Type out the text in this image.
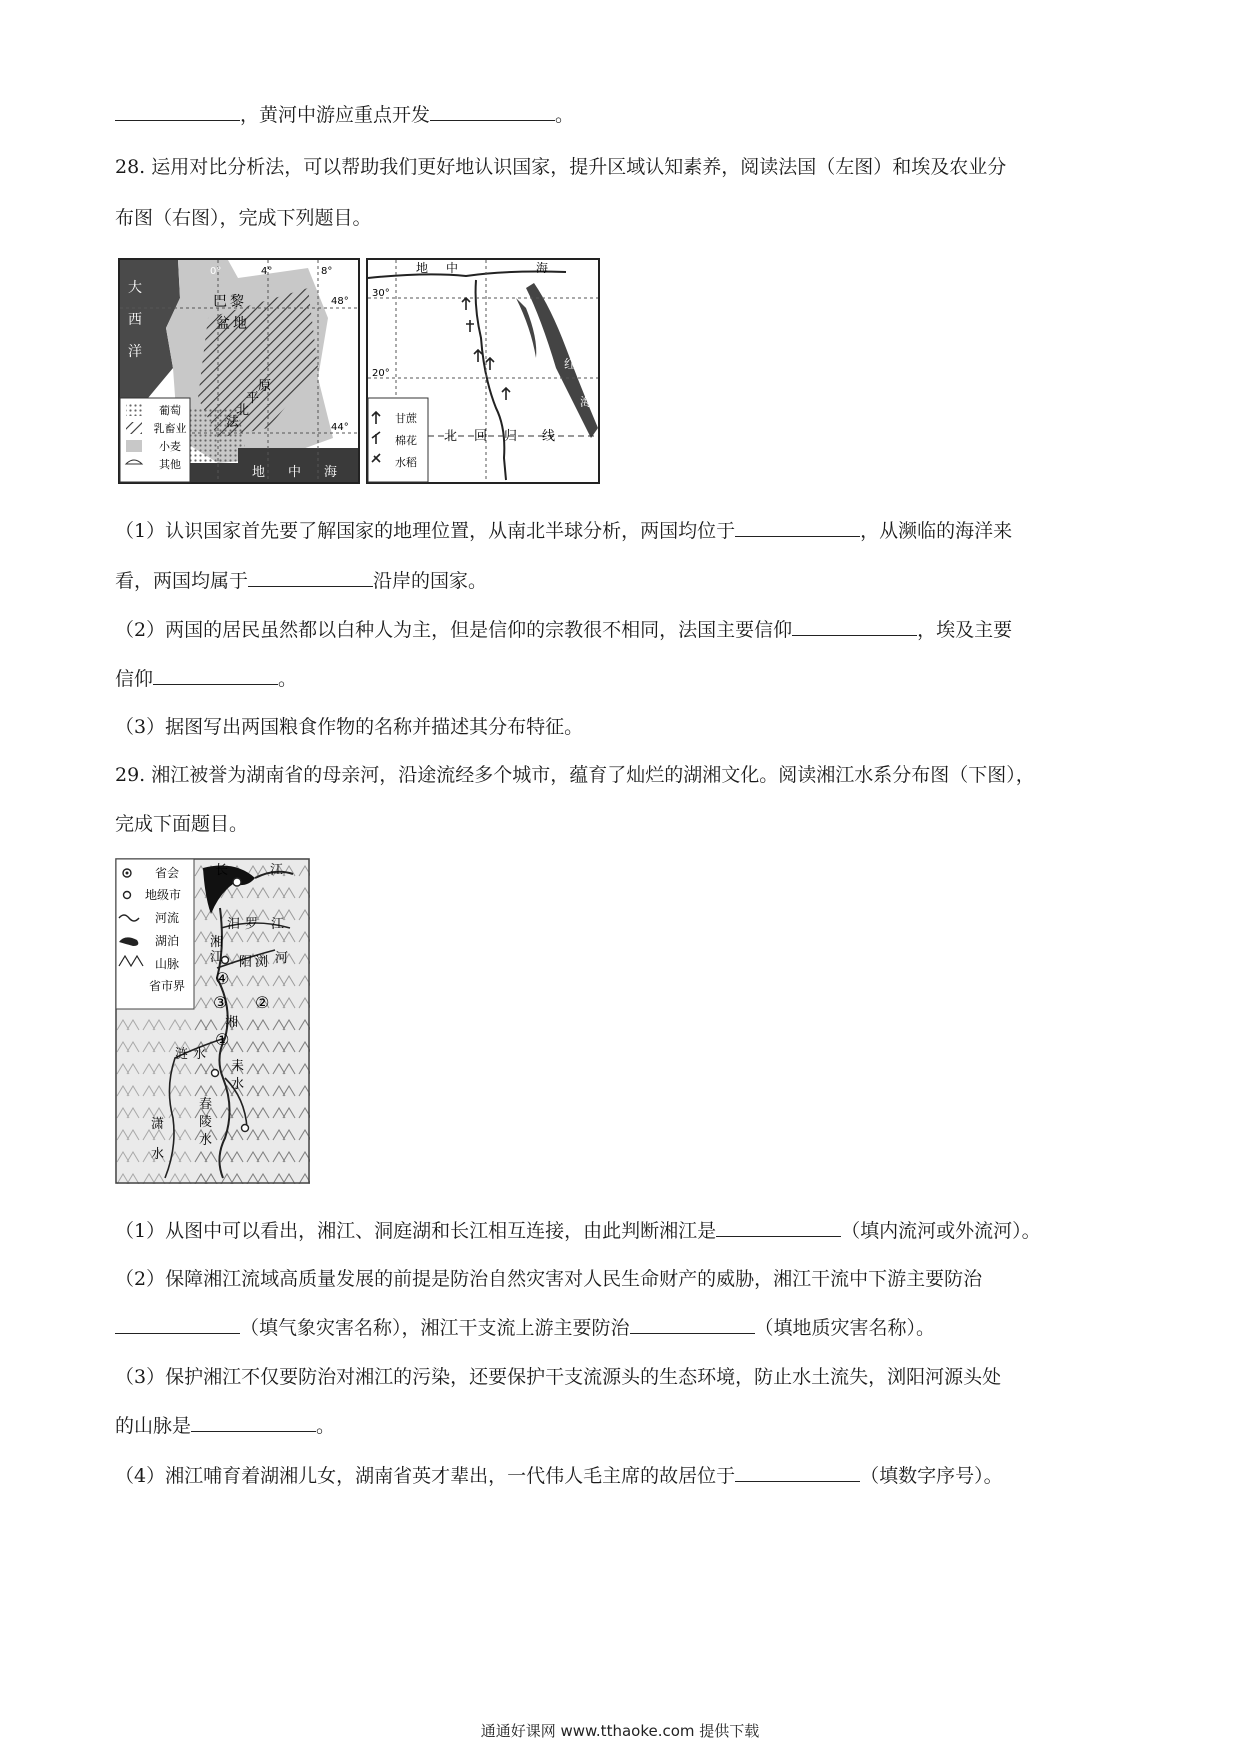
，黄河中游应重点开发	。
28. 运用对比分析法，可以帮助我们更好地认识国家，提升区域认知素养，阅读法国（左图）和埃及农业分
布图（右图），完成下列题目。
葡萄
乳畜业
小麦
其他
大
西
洋
巴 黎
盆 地
原
平
北
法
地 中 海
0°	4°	8°
48°
44°
甘蔗
棉花
水稻
地 中	海
红
海
北 回 归 线
30°
20°
（1）认识国家首先要了解国家的地理位置，从南北半球分析，两国均位于	，从濒临的海洋来
看，两国均属于	沿岸的国家。
（2）两国的居民虽然都以白种人为主，但是信仰的宗教很不相同，法国主要信仰	，埃及主要
信仰	。
（3）据图写出两国粮食作物的名称并描述其分布特征。
29. 湘江被誉为湖南省的母亲河，沿途流经多个城市，蕴育了灿烂的湖湘文化。阅读湘江水系分布图（下图），
完成下面题目。
省会
地级市
河流
湖泊
山脉
省市界 ④
③ ②
①
长	江
汨 罗 江
湘
阳 河
浏
江
湘
涟 水
耒
水
春
陵
水
潇
水
（1）从图中可以看出，湘江、洞庭湖和长江相互连接，由此判断湘江是	（填内流河或外流河）。
（2）保障湘江流域高质量发展的前提是防治自然灾害对人民生命财产的威胁，湘江干流中下游主要防治
（填气象灾害名称），湘江干支流上游主要防治	（填地质灾害名称）。
（3）保护湘江不仅要防治对湘江的污染，还要保护干支流源头的生态环境，防止水土流失，浏阳河源头处
的山脉是	。
（4）湘江哺育着湖湘儿女，湖南省英才辈出，一代伟人毛主席的故居位于	（填数字序号）。
通通好课网 www.tthaoke.com 提供下载
